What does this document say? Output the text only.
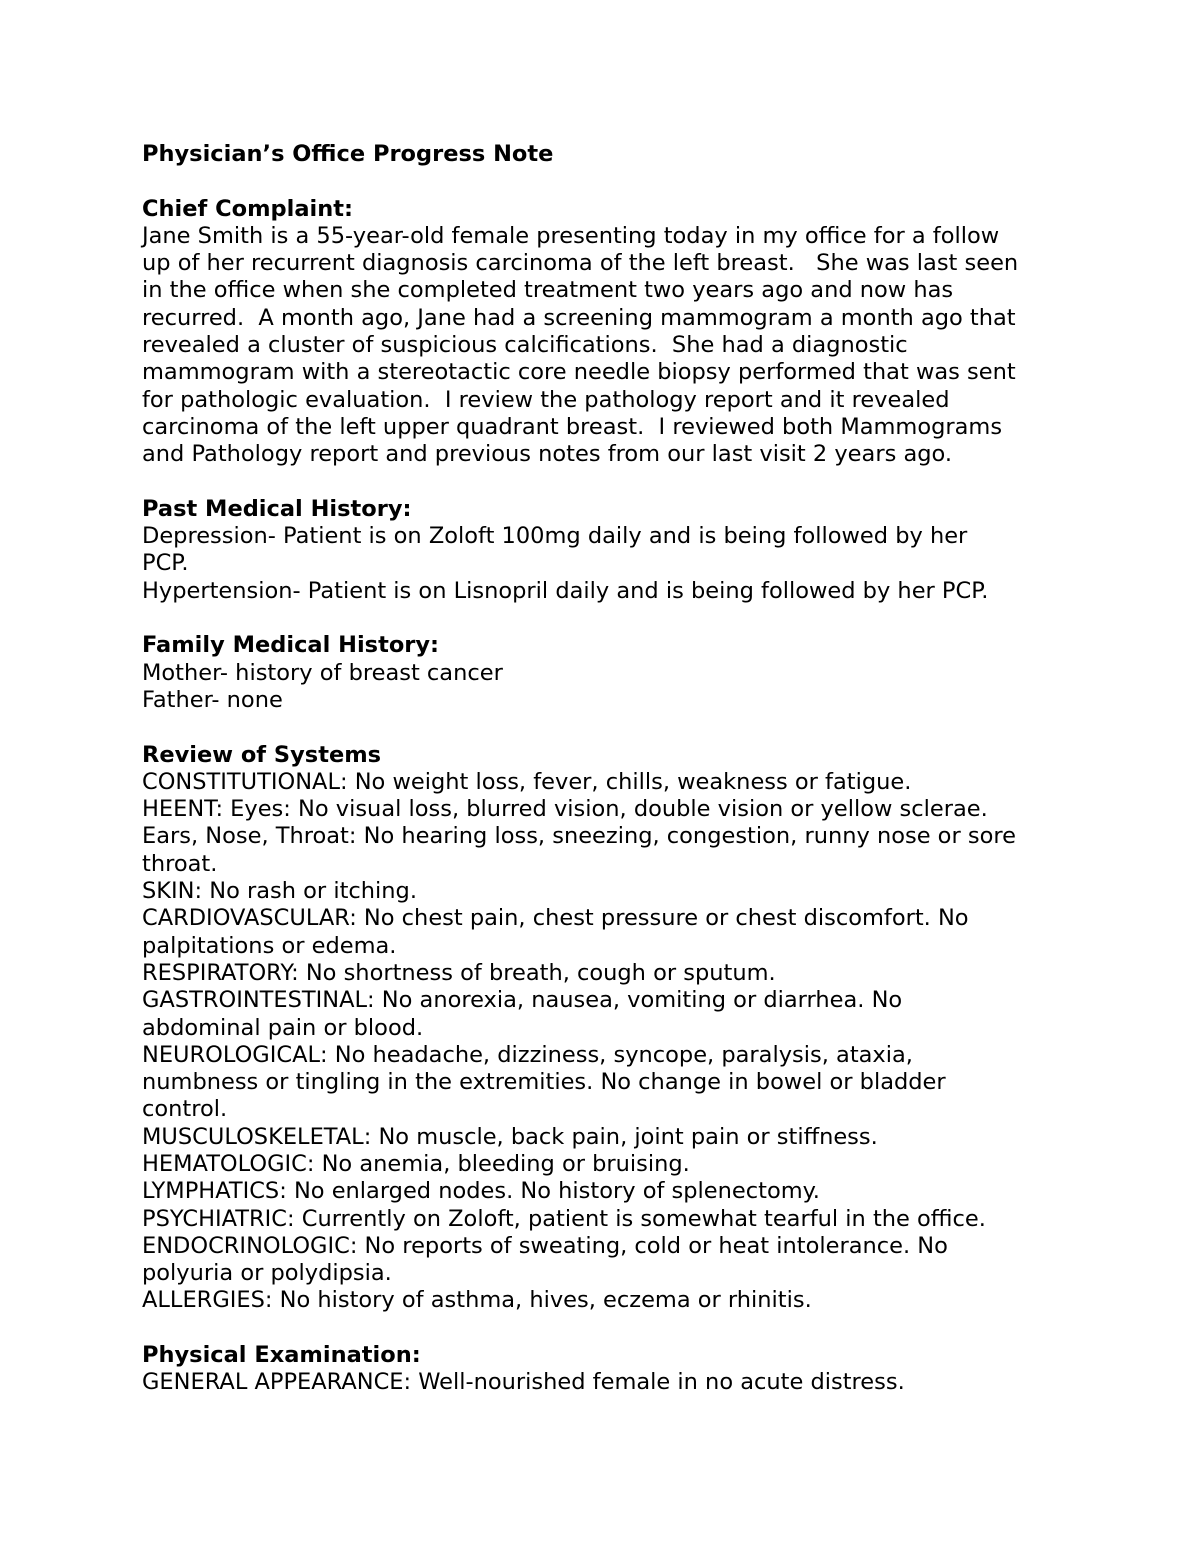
Physician’s Office Progress Note
Chief Complaint:
Jane Smith is a 55-year-old female presenting today in my office for a follow
up of her recurrent diagnosis carcinoma of the left breast.   She was last seen
in the office when she completed treatment two years ago and now has
recurred.  A month ago, Jane had a screening mammogram a month ago that
revealed a cluster of suspicious calcifications.  She had a diagnostic
mammogram with a stereotactic core needle biopsy performed that was sent
for pathologic evaluation.  I review the pathology report and it revealed
carcinoma of the left upper quadrant breast.  I reviewed both Mammograms
and Pathology report and previous notes from our last visit 2 years ago.
Past Medical History:
Depression- Patient is on Zoloft 100mg daily and is being followed by her
PCP.
Hypertension- Patient is on Lisnopril daily and is being followed by her PCP.
Family Medical History:
Mother- history of breast cancer
Father- none
Review of Systems
CONSTITUTIONAL: No weight loss, fever, chills, weakness or fatigue.
HEENT: Eyes: No visual loss, blurred vision, double vision or yellow sclerae.
Ears, Nose, Throat: No hearing loss, sneezing, congestion, runny nose or sore
throat.
SKIN: No rash or itching.
CARDIOVASCULAR: No chest pain, chest pressure or chest discomfort. No
palpitations or edema.
RESPIRATORY: No shortness of breath, cough or sputum.
GASTROINTESTINAL: No anorexia, nausea, vomiting or diarrhea. No
abdominal pain or blood.
NEUROLOGICAL: No headache, dizziness, syncope, paralysis, ataxia,
numbness or tingling in the extremities. No change in bowel or bladder
control.
MUSCULOSKELETAL: No muscle, back pain, joint pain or stiffness.
HEMATOLOGIC: No anemia, bleeding or bruising.
LYMPHATICS: No enlarged nodes. No history of splenectomy.
PSYCHIATRIC: Currently on Zoloft, patient is somewhat tearful in the office.
ENDOCRINOLOGIC: No reports of sweating, cold or heat intolerance. No
polyuria or polydipsia.
ALLERGIES: No history of asthma, hives, eczema or rhinitis.
Physical Examination:
GENERAL APPEARANCE: Well-nourished female in no acute distress.
